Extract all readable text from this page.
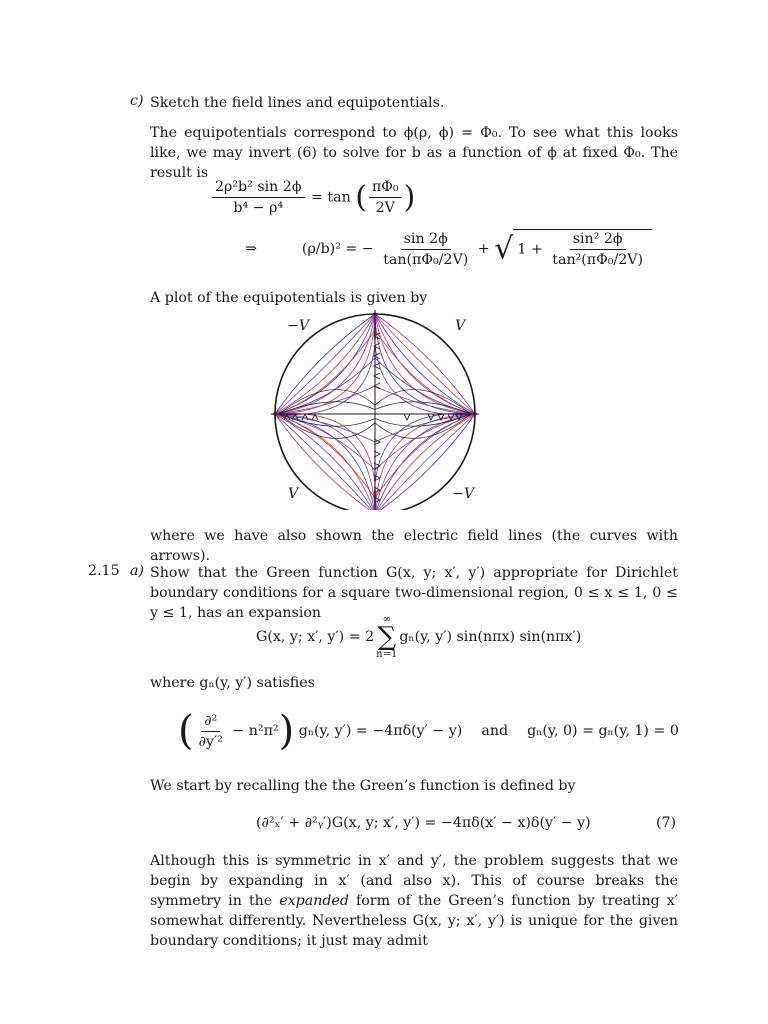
c) Sketch the field lines and equipotentials.
The equipotentials correspond to ϕ(ρ, ϕ) = Φ₀. To see what this looks like, we may invert (6) to solve for b as a function of ϕ at fixed Φ₀. The result is
$\frac{\text{2ρ²b² sin 2ϕ}}{\text{b⁴ − ρ⁴}} = \tan$ ( $\frac{\text{πΦ₀}}{2V}$ )
⇒	(ρ/b)² = − $\frac{\sin 2\phi}{\text{tan(πΦ₀/2V)}}$ + √ $1 + \frac{\text{sin² 2ϕ}}{\text{tan²(πΦ₀/2V)}}$
A plot of the equipotentials is given by
−V	V
V	−V
where we have also shown the electric field lines (the curves with arrows).
2.15 a) Show that the Green function G(x, y; x′, y′) appropriate for Dirichlet boundary conditions for a square two-dimensional region, 0 ≤ x ≤ 1, 0 ≤ y ≤ 1, has an expansion
G(x, y; x′, y′) = 2
∞
∑
n=1
gₙ(y, y′) sin(nπx) sin(nπx′)
where gₙ(y, y′) satisfies
( $\frac{\text{∂²}}{\text{∂y′²}} - n^2\pi^2$) gₙ(y, y′) = −4πδ(y′ − y) and gₙ(y, 0) = gₙ(y, 1) = 0
We start by recalling the the Green’s function is defined by
(∂²ₓ′ + ∂²ᵧ′)G(x, y; x′, y′) = −4πδ(x′ − x)δ(y′ − y)	(7)
Although this is symmetric in x′ and y′, the problem suggests that we begin by expanding in x′ (and also x). This of course breaks the symmetry in the expanded form of the Green’s function by treating x′ somewhat differently. Nevertheless G(x, y; x′, y′) is unique for the given boundary conditions; it just may admit
